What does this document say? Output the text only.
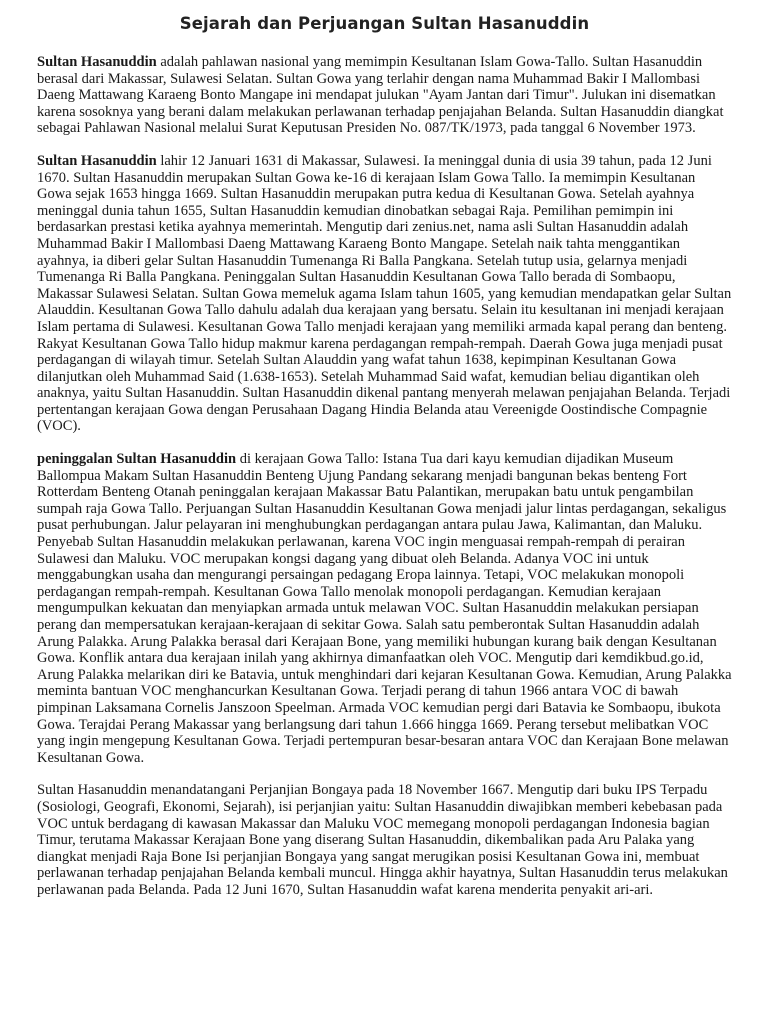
Sejarah dan Perjuangan Sultan Hasanuddin

Sultan Hasanuddin adalah pahlawan nasional yang memimpin Kesultanan Islam Gowa-Tallo. Sultan Hasanuddin berasal dari Makassar, Sulawesi Selatan. Sultan Gowa yang terlahir dengan nama Muhammad Bakir I Mallombasi Daeng Mattawang Karaeng Bonto Mangape ini mendapat julukan "Ayam Jantan dari Timur". Julukan ini disematkan karena sosoknya yang berani dalam melakukan perlawanan terhadap penjajahan Belanda. Sultan Hasanuddin diangkat sebagai Pahlawan Nasional melalui Surat Keputusan Presiden No. 087/TK/1973, pada tanggal 6 November 1973.

Sultan Hasanuddin lahir 12 Januari 1631 di Makassar, Sulawesi. Ia meninggal dunia di usia 39 tahun, pada 12 Juni 1670. Sultan Hasanuddin merupakan Sultan Gowa ke-16 di kerajaan Islam Gowa Tallo. Ia memimpin Kesultanan Gowa sejak 1653 hingga 1669. Sultan Hasanuddin merupakan putra kedua di Kesultanan Gowa. Setelah ayahnya meninggal dunia tahun 1655, Sultan Hasanuddin kemudian dinobatkan sebagai Raja. Pemilihan pemimpin ini berdasarkan prestasi ketika ayahnya memerintah. Mengutip dari zenius.net, nama asli Sultan Hasanuddin adalah Muhammad Bakir I Mallombasi Daeng Mattawang Karaeng Bonto Mangape. Setelah naik tahta menggantikan ayahnya, ia diberi gelar Sultan Hasanuddin Tumenanga Ri Balla Pangkana. Setelah tutup usia, gelarnya menjadi Tumenanga Ri Balla Pangkana. Peninggalan Sultan Hasanuddin Kesultanan Gowa Tallo berada di Sombaopu, Makassar Sulawesi Selatan. Sultan Gowa memeluk agama Islam tahun 1605, yang kemudian mendapatkan gelar Sultan Alauddin. Kesultanan Gowa Tallo dahulu adalah dua kerajaan yang bersatu. Selain itu kesultanan ini menjadi kerajaan Islam pertama di Sulawesi. Kesultanan Gowa Tallo menjadi kerajaan yang memiliki armada kapal perang dan benteng. Rakyat Kesultanan Gowa Tallo hidup makmur karena perdagangan rempah-rempah. Daerah Gowa juga menjadi pusat perdagangan di wilayah timur. Setelah Sultan Alauddin yang wafat tahun 1638, kepimpinan Kesultanan Gowa dilanjutkan oleh Muhammad Said (1.638-1653). Setelah Muhammad Said wafat, kemudian beliau digantikan oleh anaknya, yaitu Sultan Hasanuddin. Sultan Hasanuddin dikenal pantang menyerah melawan penjajahan Belanda. Terjadi pertentangan kerajaan Gowa dengan Perusahaan Dagang Hindia Belanda atau Vereenigde Oostindische Compagnie (VOC).

peninggalan Sultan Hasanuddin di kerajaan Gowa Tallo: Istana Tua dari kayu kemudian dijadikan Museum Ballompua Makam Sultan Hasanuddin Benteng Ujung Pandang sekarang menjadi bangunan bekas benteng Fort Rotterdam Benteng Otanah peninggalan kerajaan Makassar Batu Palantikan, merupakan batu untuk pengambilan sumpah raja Gowa Tallo. Perjuangan Sultan Hasanuddin Kesultanan Gowa menjadi jalur lintas perdagangan, sekaligus pusat perhubungan. Jalur pelayaran ini menghubungkan perdagangan antara pulau Jawa, Kalimantan, dan Maluku. Penyebab Sultan Hasanuddin melakukan perlawanan, karena VOC ingin menguasai rempah-rempah di perairan Sulawesi dan Maluku. VOC merupakan kongsi dagang yang dibuat oleh Belanda. Adanya VOC ini untuk menggabungkan usaha dan mengurangi persaingan pedagang Eropa lainnya. Tetapi, VOC melakukan monopoli perdagangan rempah-rempah. Kesultanan Gowa Tallo menolak monopoli perdagangan. Kemudian kerajaan mengumpulkan kekuatan dan menyiapkan armada untuk melawan VOC. Sultan Hasanuddin melakukan persiapan perang dan mempersatukan kerajaan-kerajaan di sekitar Gowa. Salah satu pemberontak Sultan Hasanuddin adalah Arung Palakka. Arung Palakka berasal dari Kerajaan Bone, yang memiliki hubungan kurang baik dengan Kesultanan Gowa. Konflik antara dua kerajaan inilah yang akhirnya dimanfaatkan oleh VOC. Mengutip dari kemdikbud.go.id, Arung Palakka melarikan diri ke Batavia, untuk menghindari dari kejaran Kesultanan Gowa. Kemudian, Arung Palakka meminta bantuan VOC menghancurkan Kesultanan Gowa. Terjadi perang di tahun 1966 antara VOC di bawah pimpinan Laksamana Cornelis Janszoon Speelman. Armada VOC kemudian pergi dari Batavia ke Sombaopu, ibukota Gowa. Terajdai Perang Makassar yang berlangsung dari tahun 1.666 hingga 1669. Perang tersebut melibatkan VOC yang ingin mengepung Kesultanan Gowa. Terjadi pertempuran besar-besaran antara VOC dan Kerajaan Bone melawan Kesultanan Gowa.

Sultan Hasanuddin menandatangani Perjanjian Bongaya pada 18 November 1667. Mengutip dari buku IPS Terpadu (Sosiologi, Geografi, Ekonomi, Sejarah), isi perjanjian yaitu: Sultan Hasanuddin diwajibkan memberi kebebasan pada VOC untuk berdagang di kawasan Makassar dan Maluku VOC memegang monopoli perdagangan Indonesia bagian Timur, terutama Makassar Kerajaan Bone yang diserang Sultan Hasanuddin, dikembalikan pada Aru Palaka yang diangkat menjadi Raja Bone Isi perjanjian Bongaya yang sangat merugikan posisi Kesultanan Gowa ini, membuat perlawanan terhadap penjajahan Belanda kembali muncul. Hingga akhir hayatnya, Sultan Hasanuddin terus melakukan perlawanan pada Belanda. Pada 12 Juni 1670, Sultan Hasanuddin wafat karena menderita penyakit ari-ari.
